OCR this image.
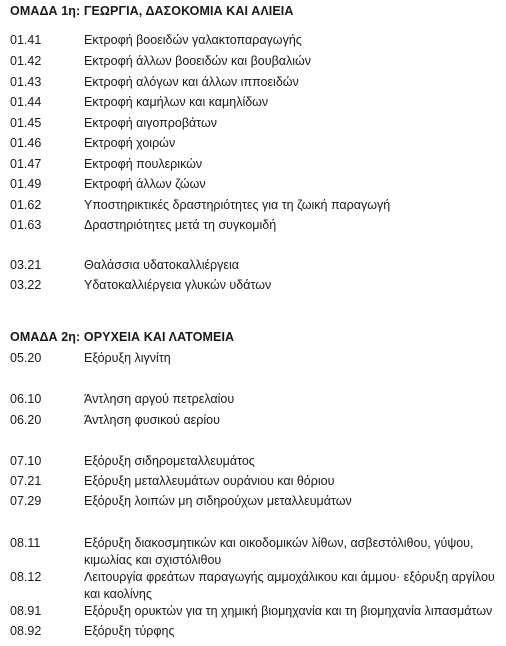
ΟΜΑΔΑ 1η: ΓΕΩΡΓΙΑ, ΔΑΣΟΚΟΜΙΑ ΚΑΙ ΑΛΙΕΙΑ
01.41	Εκτροφή βοοειδών γαλακτοπαραγωγής
01.42	Εκτροφή άλλων βοοειδών και βουβαλιών
01.43	Εκτροφή αλόγων και άλλων ιπποειδών
01.44	Εκτροφή καμήλων και καμηλίδων
01.45	Εκτροφή αιγοπροβάτων
01.46	Εκτροφή χοιρών
01.47	Εκτροφή πουλερικών
01.49	Εκτροφή άλλων ζώων
01.62	Υποστηρικτικές δραστηριότητες για τη ζωική παραγωγή
01.63	Δραστηριότητες μετά τη συγκομιδή
03.21	Θαλάσσια υδατοκαλλιέργεια
03.22	Υδατοκαλλιέργεια γλυκών υδάτων
ΟΜΑΔΑ 2η: ΟΡΥΧΕΙΑ ΚΑΙ ΛΑΤΟΜΕΙΑ
05.20	Εξόρυξη λιγνίτη
06.10	Άντληση αργού πετρελαίου
06.20	Άντληση φυσικού αερίου
07.10	Εξόρυξη σιδηρομεταλλευμάτος
07.21	Εξόρυξη μεταλλευμάτων ουράνιου και θόριου
07.29	Εξόρυξη λοιπών μη σιδηρούχων μεταλλευμάτων
08.11	Εξόρυξη διακοσμητικών και οικοδομικών λίθων, ασβεστόλιθου, γύψου, κιμωλίας και σχιστόλιθου
08.12	Λειτουργία φρεάτων παραγωγής αμμοχάλικου και άμμου· εξόρυξη αργίλου και καολίνης
08.91	Εξόρυξη ορυκτών για τη χημική βιομηχανία και τη βιομηχανία λιπασμάτων
08.92	Εξόρυξη τύρφης
